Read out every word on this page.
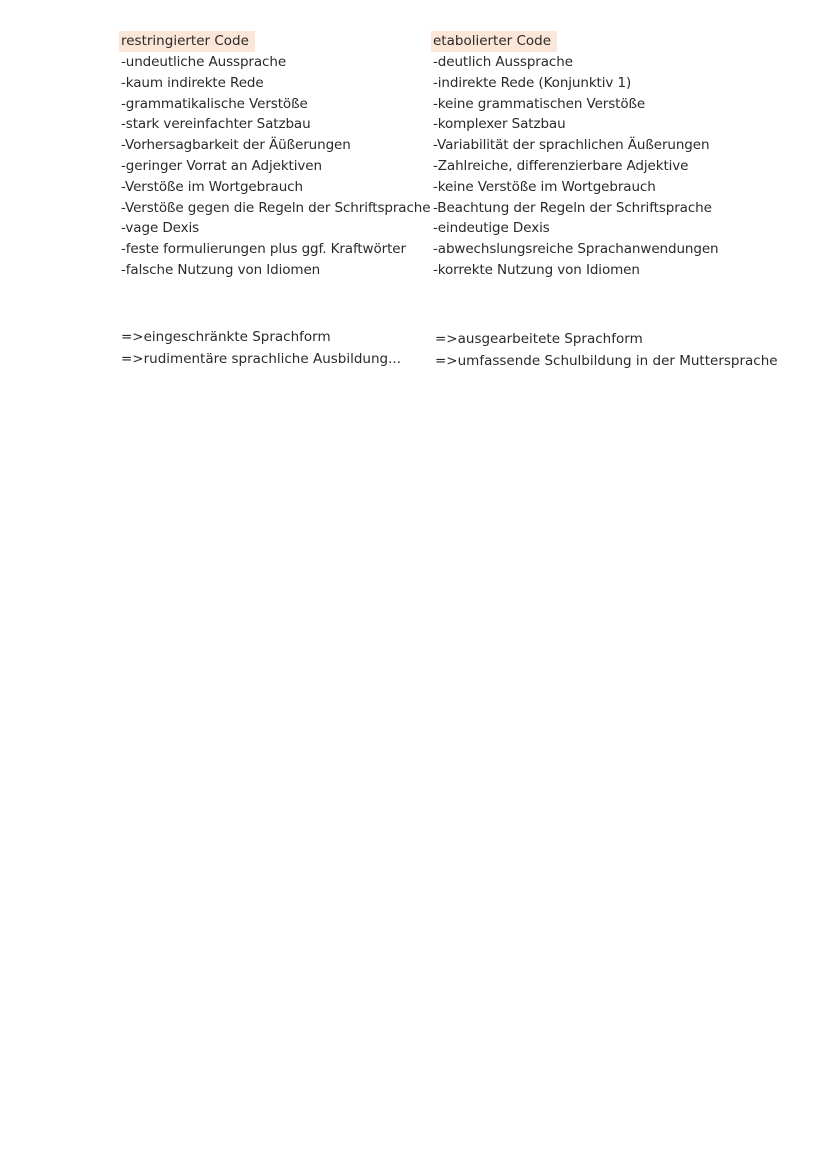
restringierter Code
-undeutliche Aussprache
-kaum indirekte Rede
-grammatikalische Verstöße
-stark vereinfachter Satzbau
-Vorhersagbarkeit der Äüßerungen
-geringer Vorrat an Adjektiven
-Verstöße im Wortgebrauch
-Verstöße gegen die Regeln der Schriftsprache
-vage Dexis
-feste formulierungen plus ggf. Kraftwörter
-falsche Nutzung von Idiomen
etabolierter Code
-deutlich Aussprache
-indirekte Rede (Konjunktiv 1)
-keine grammatischen Verstöße
-komplexer Satzbau
-Variabilität der sprachlichen Äußerungen
-Zahlreiche, differenzierbare Adjektive
-keine Verstöße im Wortgebrauch
-Beachtung der Regeln der Schriftsprache
-eindeutige Dexis
-abwechslungsreiche Sprachanwendungen
-korrekte Nutzung von Idiomen
=>eingeschränkte Sprachform
=>rudimentäre sprachliche Ausbildung...
=>ausgearbeitete Sprachform
=>umfassende Schulbildung in der Muttersprache
